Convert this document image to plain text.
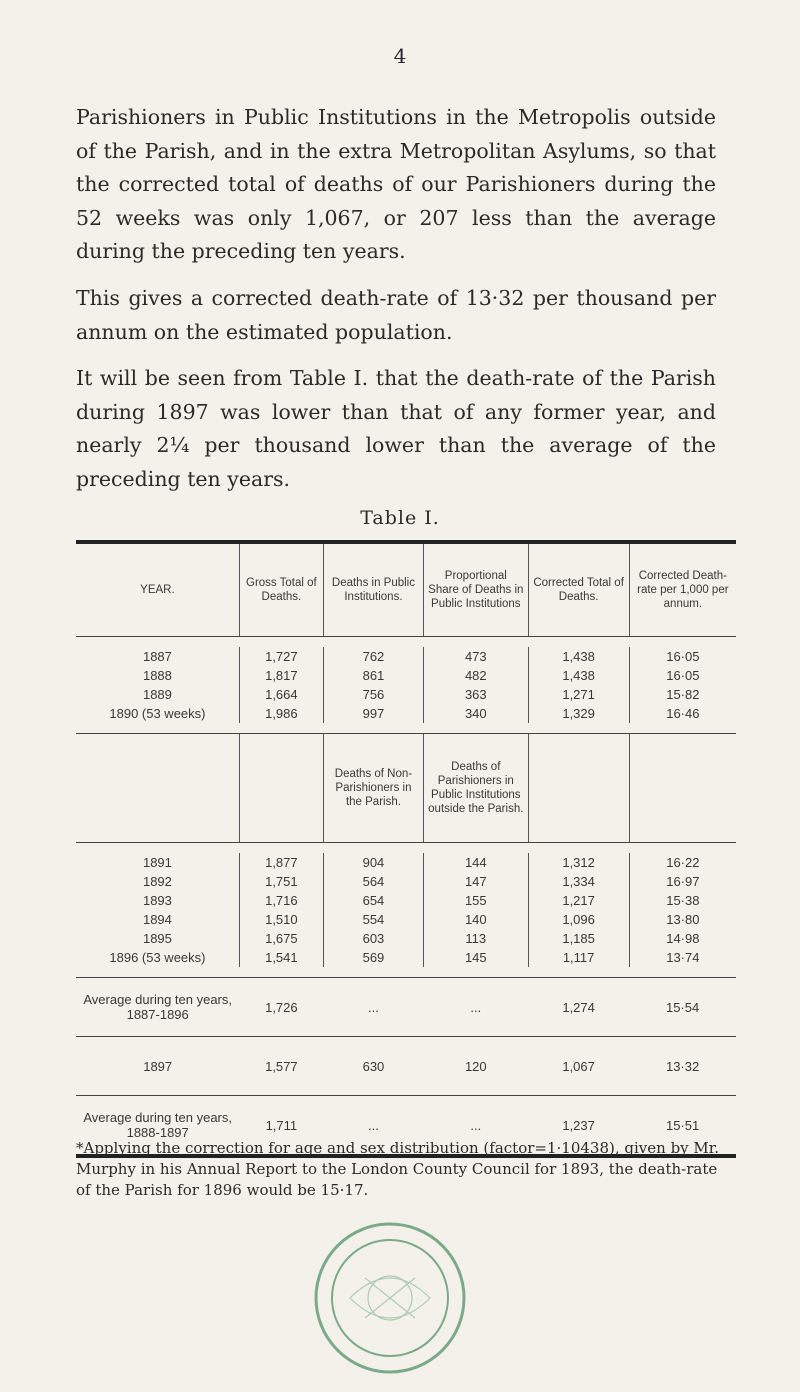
4

Parishioners in Public Institutions in the Metropolis outside of the Parish, and in the extra Metropolitan Asylums, so that the corrected total of deaths of our Parishioners during the 52 weeks was only 1,067, or 207 less than the average during the preceding ten years.

This gives a corrected death-rate of 13·32 per thousand per annum on the estimated population.

It will be seen from Table I. that the death-rate of the Parish during 1897 was lower than that of any former year, and nearly 2¼ per thousand lower than the average of the preceding ten years.

Table I.

YEAR.	Gross Total of Deaths.	Deaths in Public Institutions.	Proportional Share of Deaths in Public Institutions	Corrected Total of Deaths.	Corrected Death-rate per 1,000 per annum.

1887	1,727	762	473	1,438	16·05
1888	1,817	861	482	1,438	16·05
1889	1,664	756	363	1,271	15·82
1890 (53 weeks)	1,986	997	340	1,329	16·46

		Deaths of Non-Parishioners in the Parish.	Deaths of Parishioners in Public Institutions outside the Parish.		

1891	1,877	904	144	1,312	16·22
1892	1,751	564	147	1,334	16·97
1893	1,716	654	155	1,217	15·38
1894	1,510	554	140	1,096	13·80
1895	1,675	603	113	1,185	14·98
1896 (53 weeks)	1,541	569	145	1,117	13·74

Average during ten years, 1887-1896	1,726	...	...	1,274	15·54
1897	1,577	630	120	1,067	13·32
Average during ten years, 1888-1897	1,711	...	...	1,237	15·51

*Applying the correction for age and sex distribution (factor=1·10438), given by Mr. Murphy in his Annual Report to the London County Council for 1893, the death-rate of the Parish for 1896 would be 15·17.
